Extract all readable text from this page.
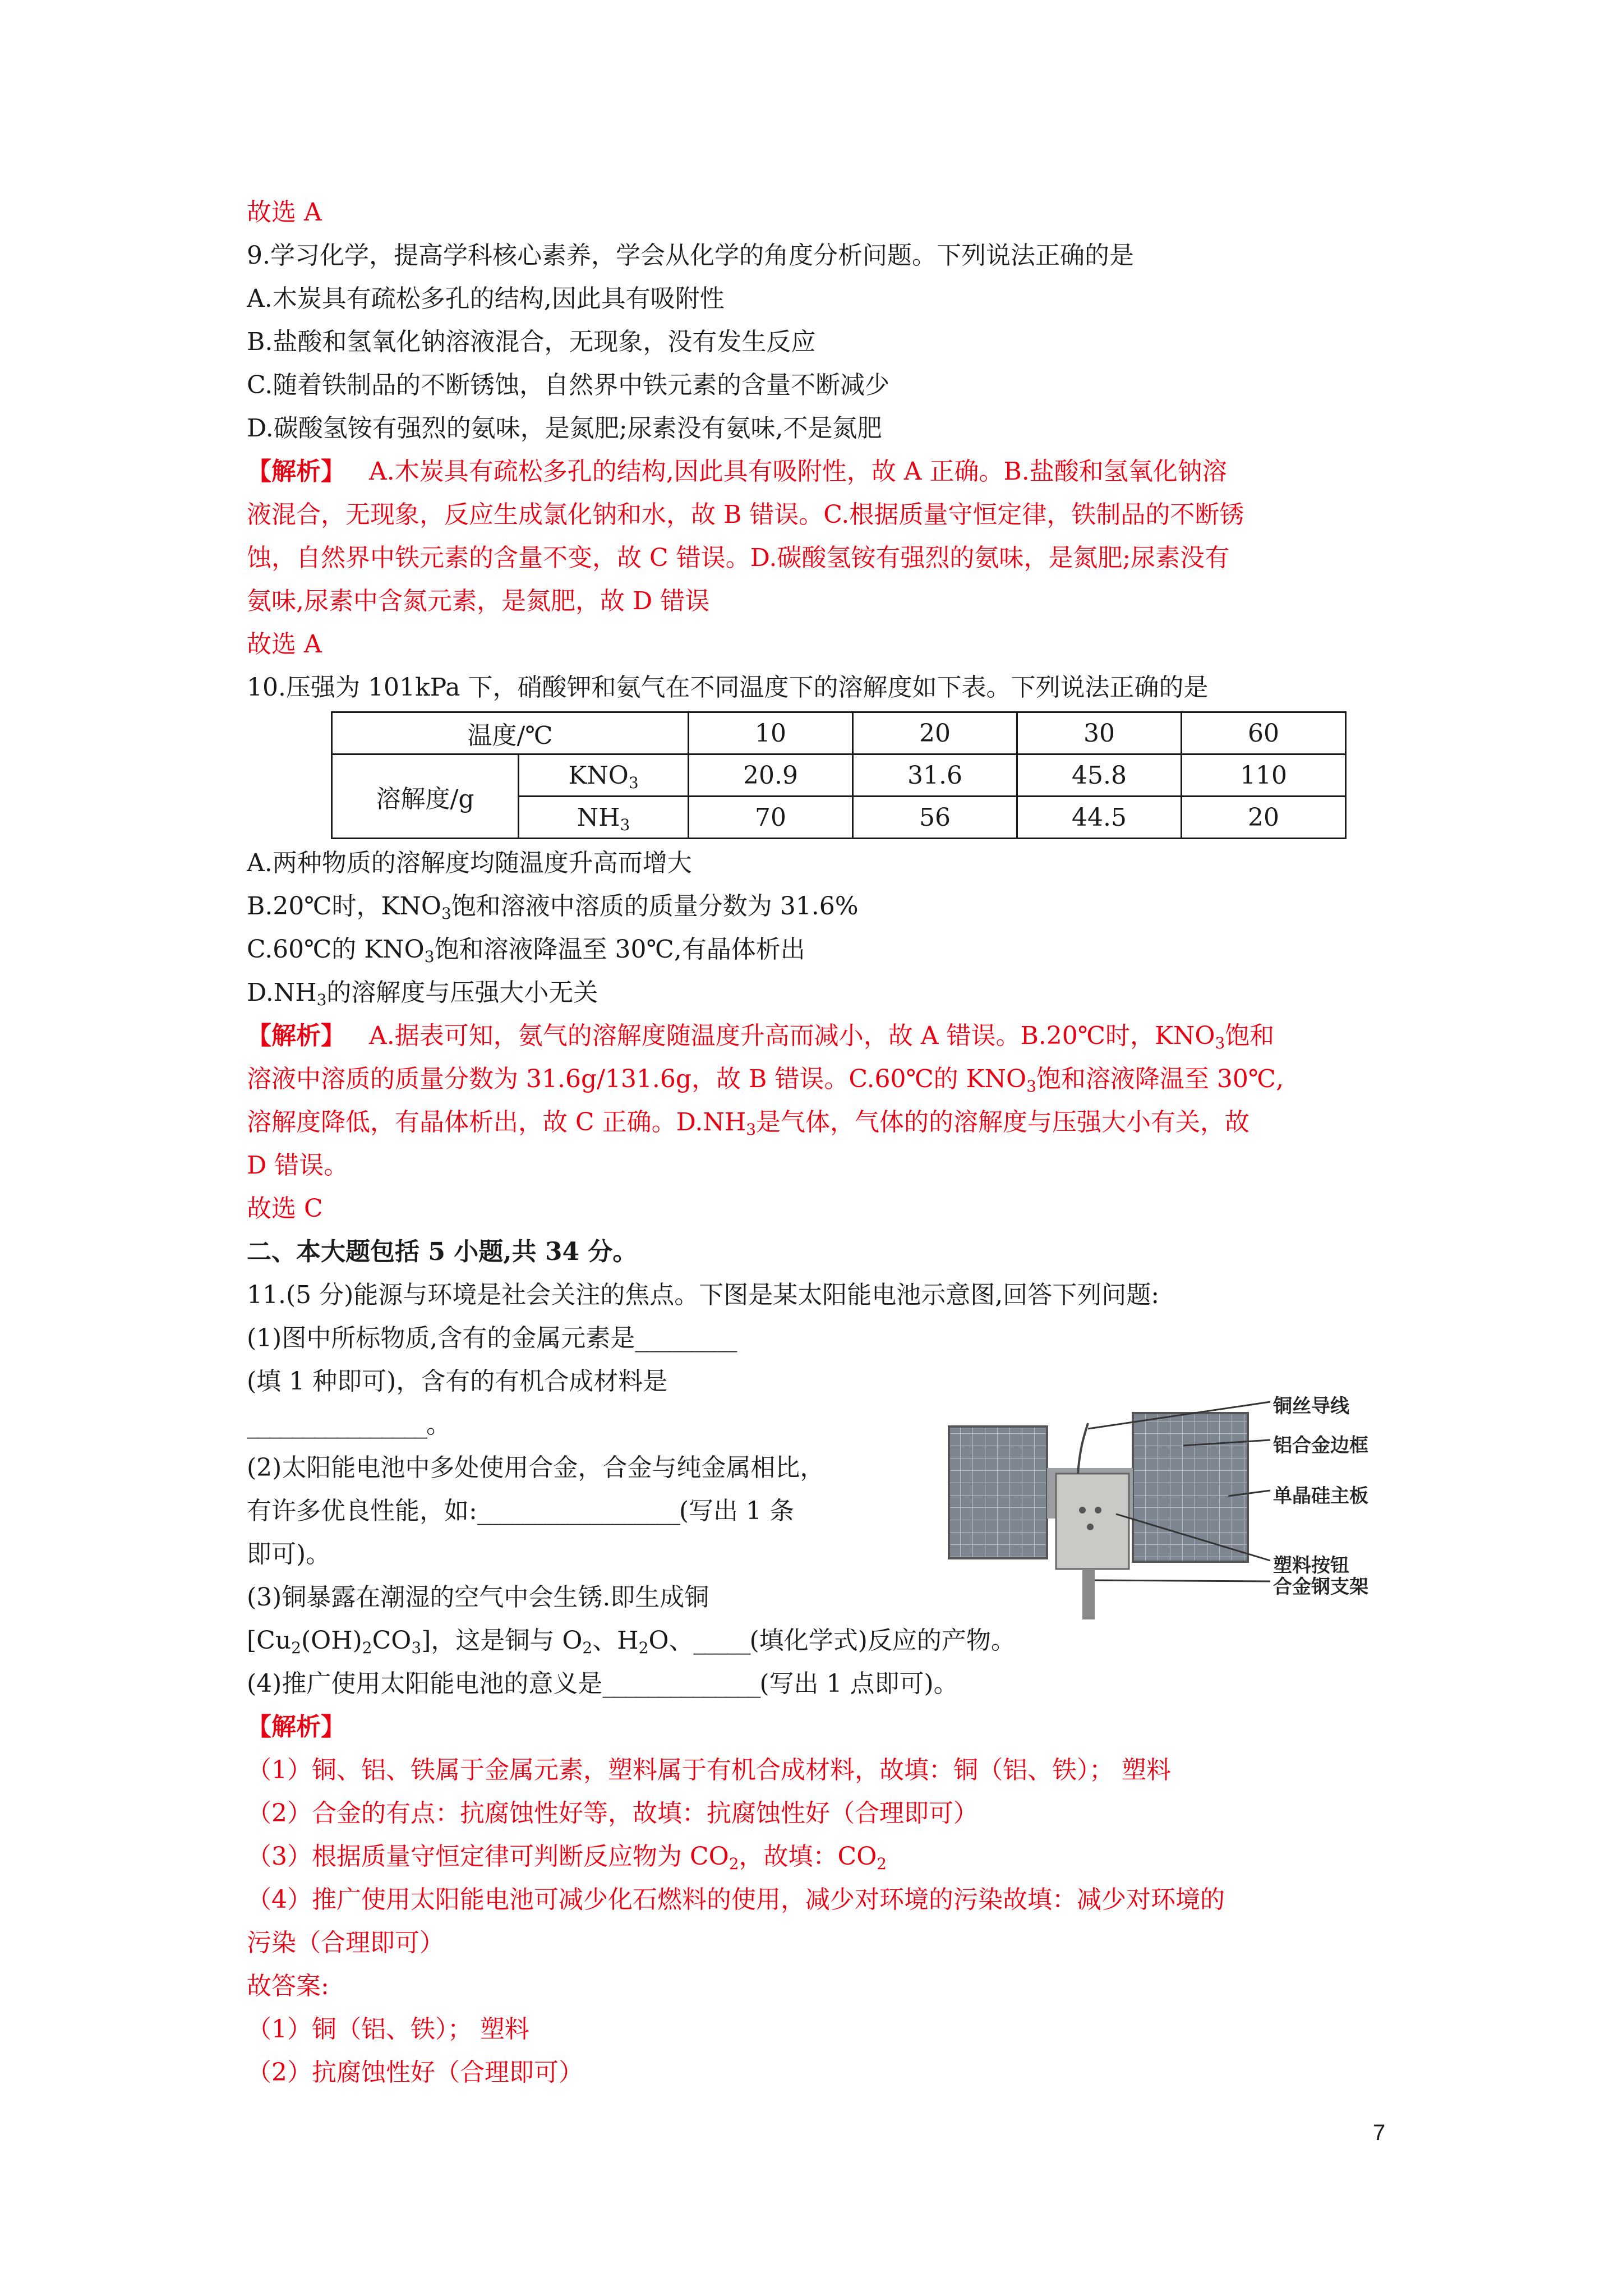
故选 A
9.学习化学，提高学科核心素养，学会从化学的角度分析问题。下列说法正确的是
A.木炭具有疏松多孔的结构,因此具有吸附性
B.盐酸和氢氧化钠溶液混合，无现象，没有发生反应
C.随着铁制品的不断锈蚀，自然界中铁元素的含量不断减少
D.碳酸氢铵有强烈的氨味，是氮肥;尿素没有氨味,不是氮肥
【解析】 A.木炭具有疏松多孔的结构,因此具有吸附性，故 A 正确。B.盐酸和氢氧化钠溶
液混合，无现象，反应生成氯化钠和水，故 B 错误。C.根据质量守恒定律，铁制品的不断锈
蚀，自然界中铁元素的含量不变，故 C 错误。D.碳酸氢铵有强烈的氨味，是氮肥;尿素没有
氨味,尿素中含氮元素，是氮肥，故 D 错误
故选 A
10.压强为 101kPa 下，硝酸钾和氨气在不同温度下的溶解度如下表。下列说法正确的是
温度/℃		10	20	30	60
溶解度/g	$KNO_3$	20.9	31.6	45.8	110
	$NH_3$	70	56	44.5	20
A.两种物质的溶解度均随温度升高而增大
B.20℃时，$KNO_3$饱和溶液中溶质的质量分数为 31.6%
C.60℃的 $KNO_3$饱和溶液降温至 30℃,有晶体析出
$D.NH_3$的溶解度与压强大小无关
【解析】 A.据表可知，氨气的溶解度随温度升高而减小，故 A 错误。B.20℃时，$KNO_3$饱和
溶液中溶质的质量分数为 31.6g/131.6g，故 B 错误。C.60℃的 $KNO_3$饱和溶液降温至 30℃,
溶解度降低，有晶体析出，故 C 正确。$D.NH_3$是气体，气体的的溶解度与压强大小有关，故
D 错误。
故选 C
二、本大题包括 5 小题,共 34 分。
11.(5 分)能源与环境是社会关注的焦点。下图是某太阳能电池示意图,回答下列问题:
(1)图中所标物质,含有的金属元素是_________
(填 1 种即可)，含有的有机合成材料是
________________。
(2)太阳能电池中多处使用合金，合金与纯金属相比，
有许多优良性能，如:__________________(写出 1 条
即可)。
(3)铜暴露在潮湿的空气中会生锈.即生成铜
铜丝导线
铝合金边框
单晶硅主板
塑料按钮
合金钢支架
$[Cu_2(OH)_2CO_3]$，这是铜与 $O_2$、$H_2O$、_____(填化学式)反应的产物。
(4)推广使用太阳能电池的意义是______________(写出 1 点即可)。
【解析】
（1）铜、铝、铁属于金属元素，塑料属于有机合成材料，故填：铜（铝、铁）； 塑料
（2）合金的有点：抗腐蚀性好等，故填：抗腐蚀性好（合理即可）
（3）根据质量守恒定律可判断反应物为 $CO_2$，故填：$CO_2$
（4）推广使用太阳能电池可减少化石燃料的使用，减少对环境的污染故填：减少对环境的
污染（合理即可）
故答案:
（1）铜（铝、铁）； 塑料
（2）抗腐蚀性好（合理即可）
7
